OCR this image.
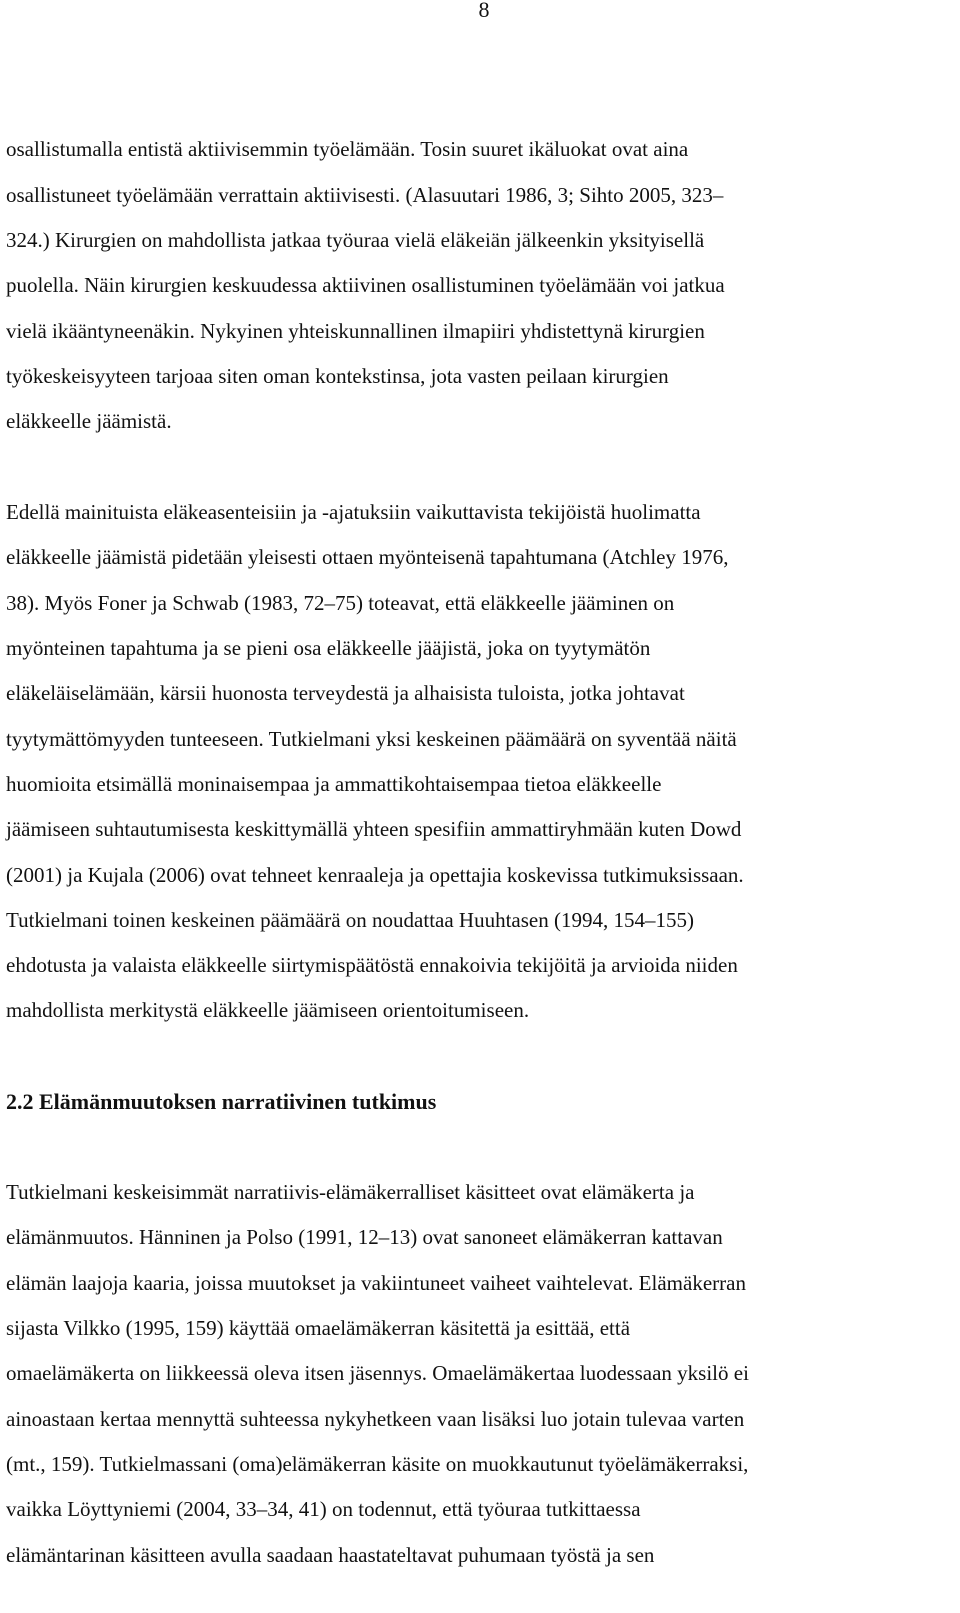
8
osallistumalla entistä aktiivisemmin työelämään. Tosin suuret ikäluokat ovat aina
osallistuneet työelämään verrattain aktiivisesti. (Alasuutari 1986, 3; Sihto 2005, 323–
324.) Kirurgien on mahdollista jatkaa työuraa vielä eläkeiän jälkeenkin yksityisellä
puolella. Näin kirurgien keskuudessa aktiivinen osallistuminen työelämään voi jatkua
vielä ikääntyneenäkin. Nykyinen yhteiskunnallinen ilmapiiri yhdistettynä kirurgien
työkeskeisyyteen tarjoaa siten oman kontekstinsa, jota vasten peilaan kirurgien
eläkkeelle jäämistä.
Edellä mainituista eläkeasenteisiin ja -ajatuksiin vaikuttavista tekijöistä huolimatta
eläkkeelle jäämistä pidetään yleisesti ottaen myönteisenä tapahtumana (Atchley 1976,
38). Myös Foner ja Schwab (1983, 72–75) toteavat, että eläkkeelle jääminen on
myönteinen tapahtuma ja se pieni osa eläkkeelle jääjistä, joka on tyytymätön
eläkeläiselämään, kärsii huonosta terveydestä ja alhaisista tuloista, jotka johtavat
tyytymättömyyden tunteeseen. Tutkielmani yksi keskeinen päämäärä on syventää näitä
huomioita etsimällä moninaisempaa ja ammattikohtaisempaa tietoa eläkkeelle
jäämiseen suhtautumisesta keskittymällä yhteen spesifiin ammattiryhmään kuten Dowd
(2001) ja Kujala (2006) ovat tehneet kenraaleja ja opettajia koskevissa tutkimuksissaan.
Tutkielmani toinen keskeinen päämäärä on noudattaa Huuhtasen (1994, 154–155)
ehdotusta ja valaista eläkkeelle siirtymispäätöstä ennakoivia tekijöitä ja arvioida niiden
mahdollista merkitystä eläkkeelle jäämiseen orientoitumiseen.
2.2 Elämänmuutoksen narratiivinen tutkimus
Tutkielmani keskeisimmät narratiivis-elämäkerralliset käsitteet ovat elämäkerta ja
elämänmuutos. Hänninen ja Polso (1991, 12–13) ovat sanoneet elämäkerran kattavan
elämän laajoja kaaria, joissa muutokset ja vakiintuneet vaiheet vaihtelevat. Elämäkerran
sijasta Vilkko (1995, 159) käyttää omaelämäkerran käsitettä ja esittää, että
omaelämäkerta on liikkeessä oleva itsen jäsennys. Omaelämäkertaa luodessaan yksilö ei
ainoastaan kertaa mennyttä suhteessa nykyhetkeen vaan lisäksi luo jotain tulevaa varten
(mt., 159). Tutkielmassani (oma)elämäkerran käsite on muokkautunut työelämäkerraksi,
vaikka Löyttyniemi (2004, 33–34, 41) on todennut, että työuraa tutkittaessa
elämäntarinan käsitteen avulla saadaan haastateltavat puhumaan työstä ja sen
